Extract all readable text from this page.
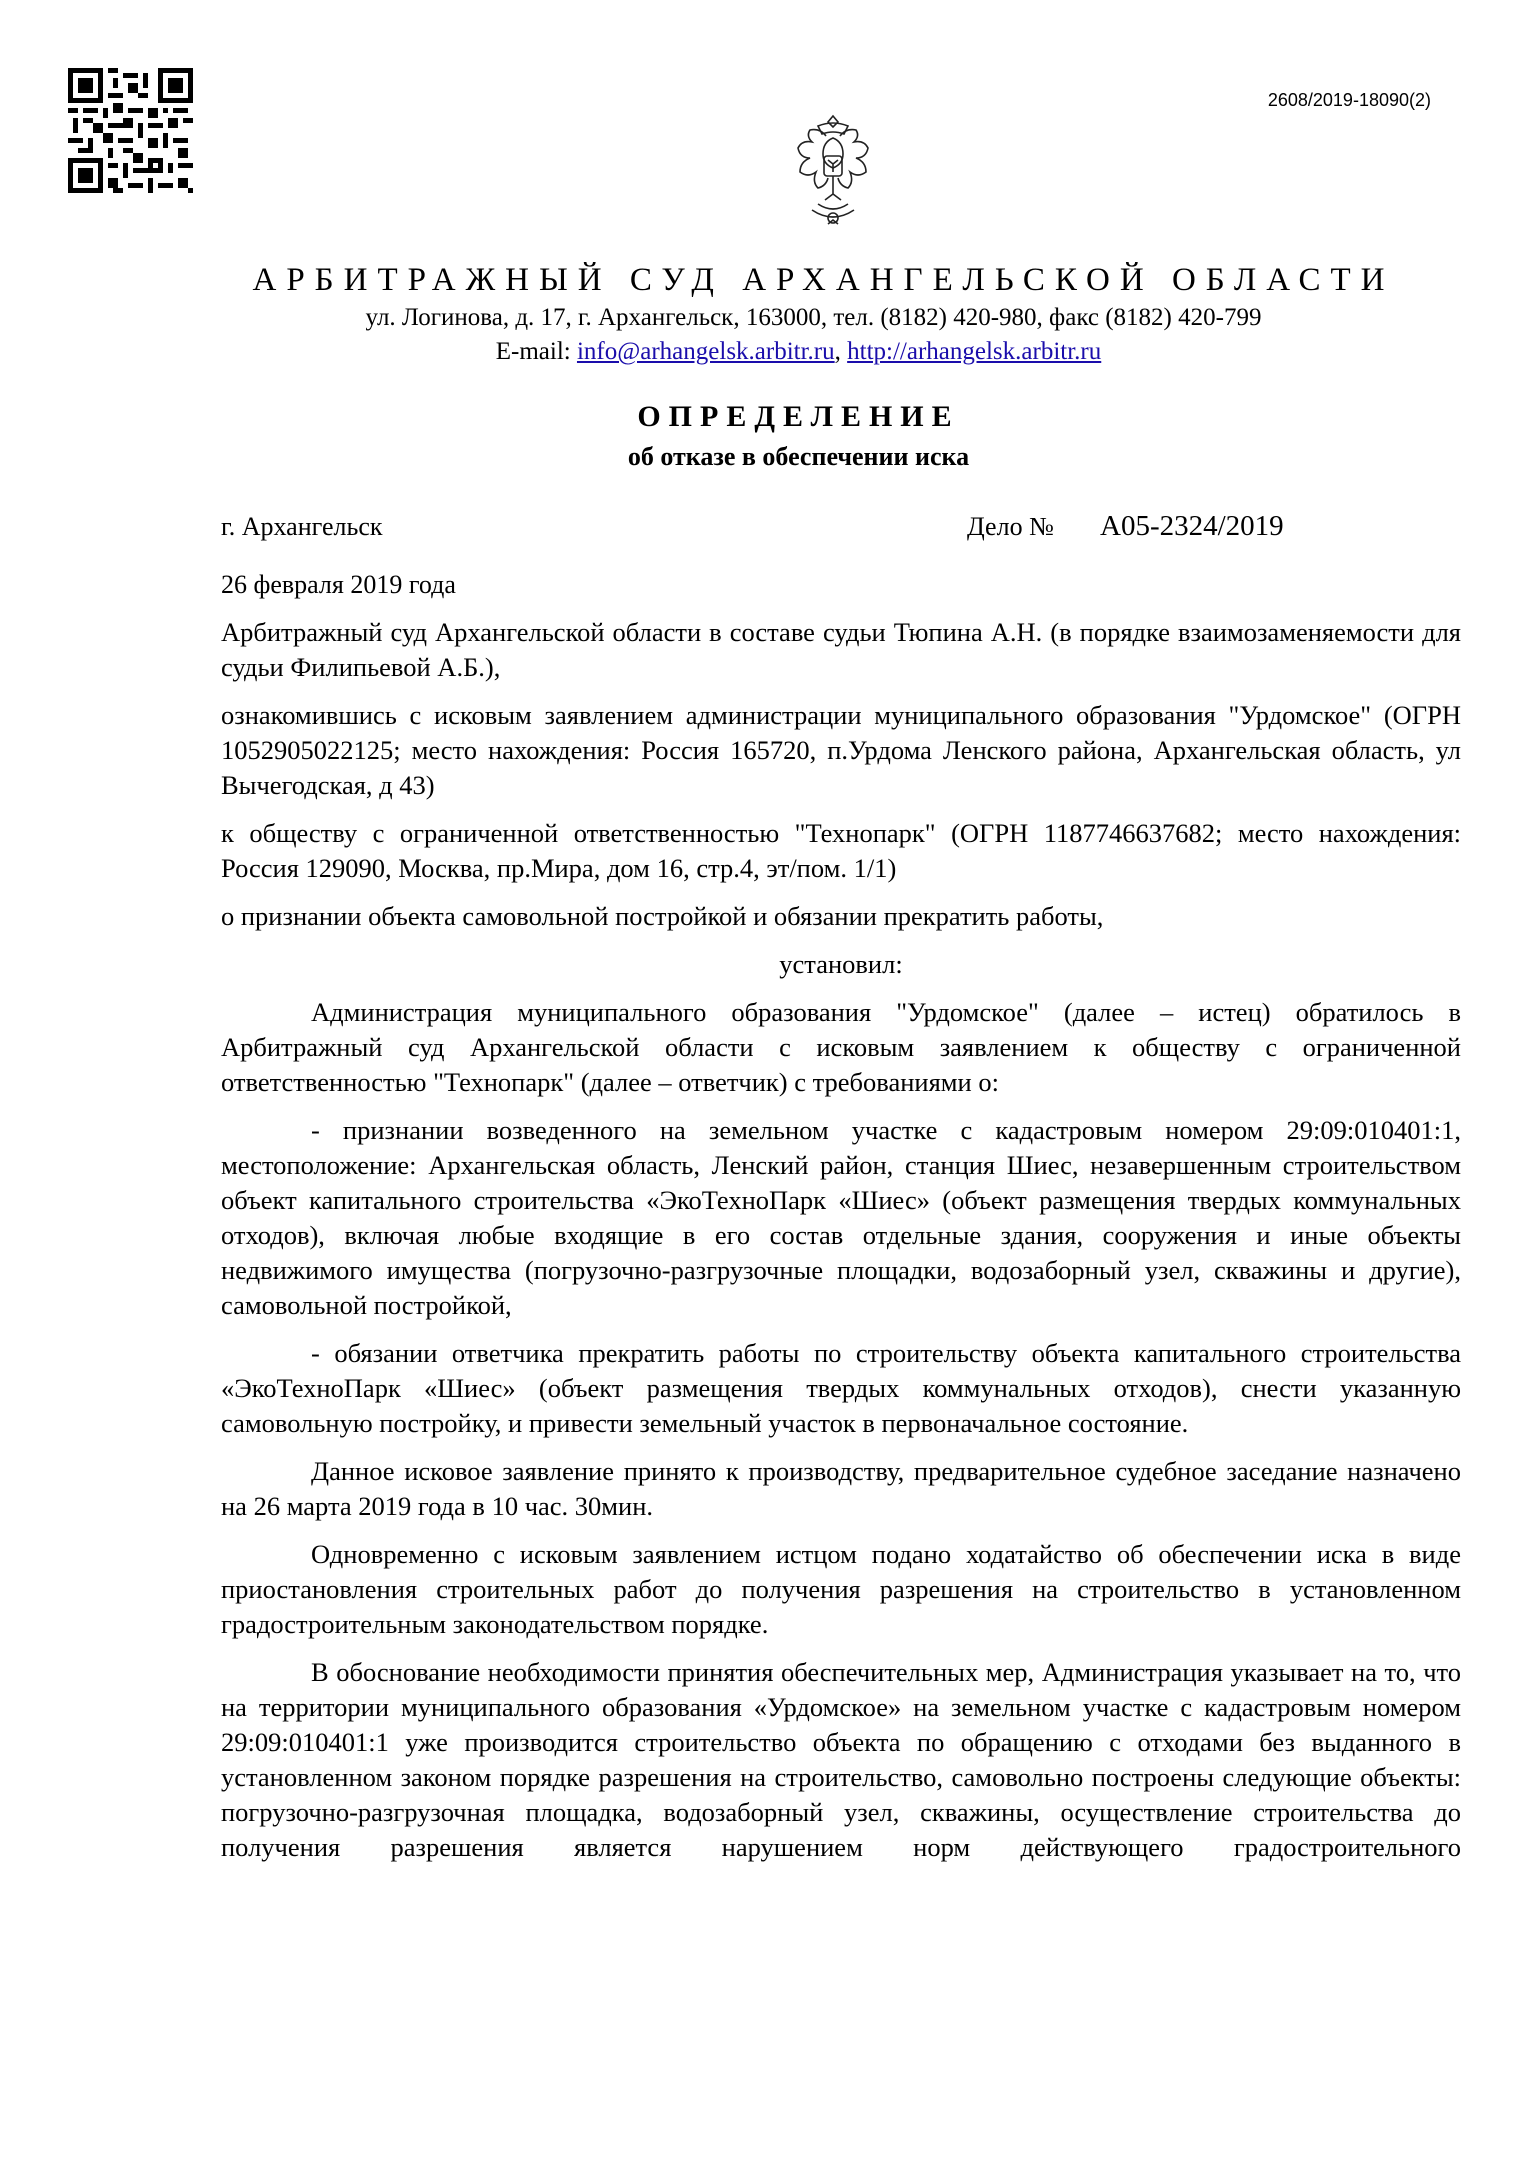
2608/2019-18090(2)
АРБИТРАЖНЫЙ СУД АРХАНГЕЛЬСКОЙ ОБЛАСТИ
ул. Логинова, д. 17, г. Архангельск, 163000, тел. (8182) 420-980, факс (8182) 420-799
E-mail: info@arhangelsk.arbitr.ru, http://arhangelsk.arbitr.ru
ОПРЕДЕЛЕНИЕ
об отказе в обеспечении иска
г. Архангельск	Дело № А05-2324/2019
26 февраля 2019 года

Арбитражный суд Архангельской области в составе судьи Тюпина А.Н. (в порядке взаимозаменяемости для судьи Филипьевой А.Б.),

ознакомившись с исковым заявлением администрации муниципального образования "Урдомское" (ОГРН 1052905022125; место нахождения: Россия 165720, п.Урдома Ленского района, Архангельская область, ул Вычегодская, д 43)

к обществу с ограниченной ответственностью "Технопарк" (ОГРН 1187746637682; место нахождения: Россия 129090, Москва, пр.Мира, дом 16, стр.4, эт/пом. 1/1)

о признании объекта самовольной постройкой и обязании прекратить работы,

установил:

Администрация муниципального образования "Урдомское" (далее – истец) обратилось в Арбитражный суд Архангельской области с исковым заявлением к обществу с ограниченной ответственностью "Технопарк" (далее – ответчик) с требованиями о:

- признании возведенного на земельном участке с кадастровым номером 29:09:010401:1, местоположение: Архангельская область, Ленский район, станция Шиес, незавершенным строительством объект капитального строительства «ЭкоТехноПарк «Шиес» (объект размещения твердых коммунальных отходов), включая любые входящие в его состав отдельные здания, сооружения и иные объекты недвижимого имущества (погрузочно-разгрузочные площадки, водозаборный узел, скважины и другие), самовольной постройкой,

- обязании ответчика прекратить работы по строительству объекта капитального строительства «ЭкоТехноПарк «Шиес» (объект размещения твердых коммунальных отходов), снести указанную самовольную постройку, и привести земельный участок в первоначальное состояние.

Данное исковое заявление принято к производству, предварительное судебное заседание назначено на 26 марта 2019 года в 10 час. 30мин.

Одновременно с исковым заявлением истцом подано ходатайство об обеспечении иска в виде приостановления строительных работ до получения разрешения на строительство в установленном градостроительным законодательством порядке.

В обоснование необходимости принятия обеспечительных мер, Администрация указывает на то, что на территории муниципального образования «Урдомское» на земельном участке с кадастровым номером 29:09:010401:1 уже производится строительство объекта по обращению с отходами без выданного в установленном законом порядке разрешения на строительство, самовольно построены следующие объекты: погрузочно-разгрузочная площадка, водозаборный узел, скважины, осуществление строительства до получения разрешения является нарушением норм действующего градостроительного
